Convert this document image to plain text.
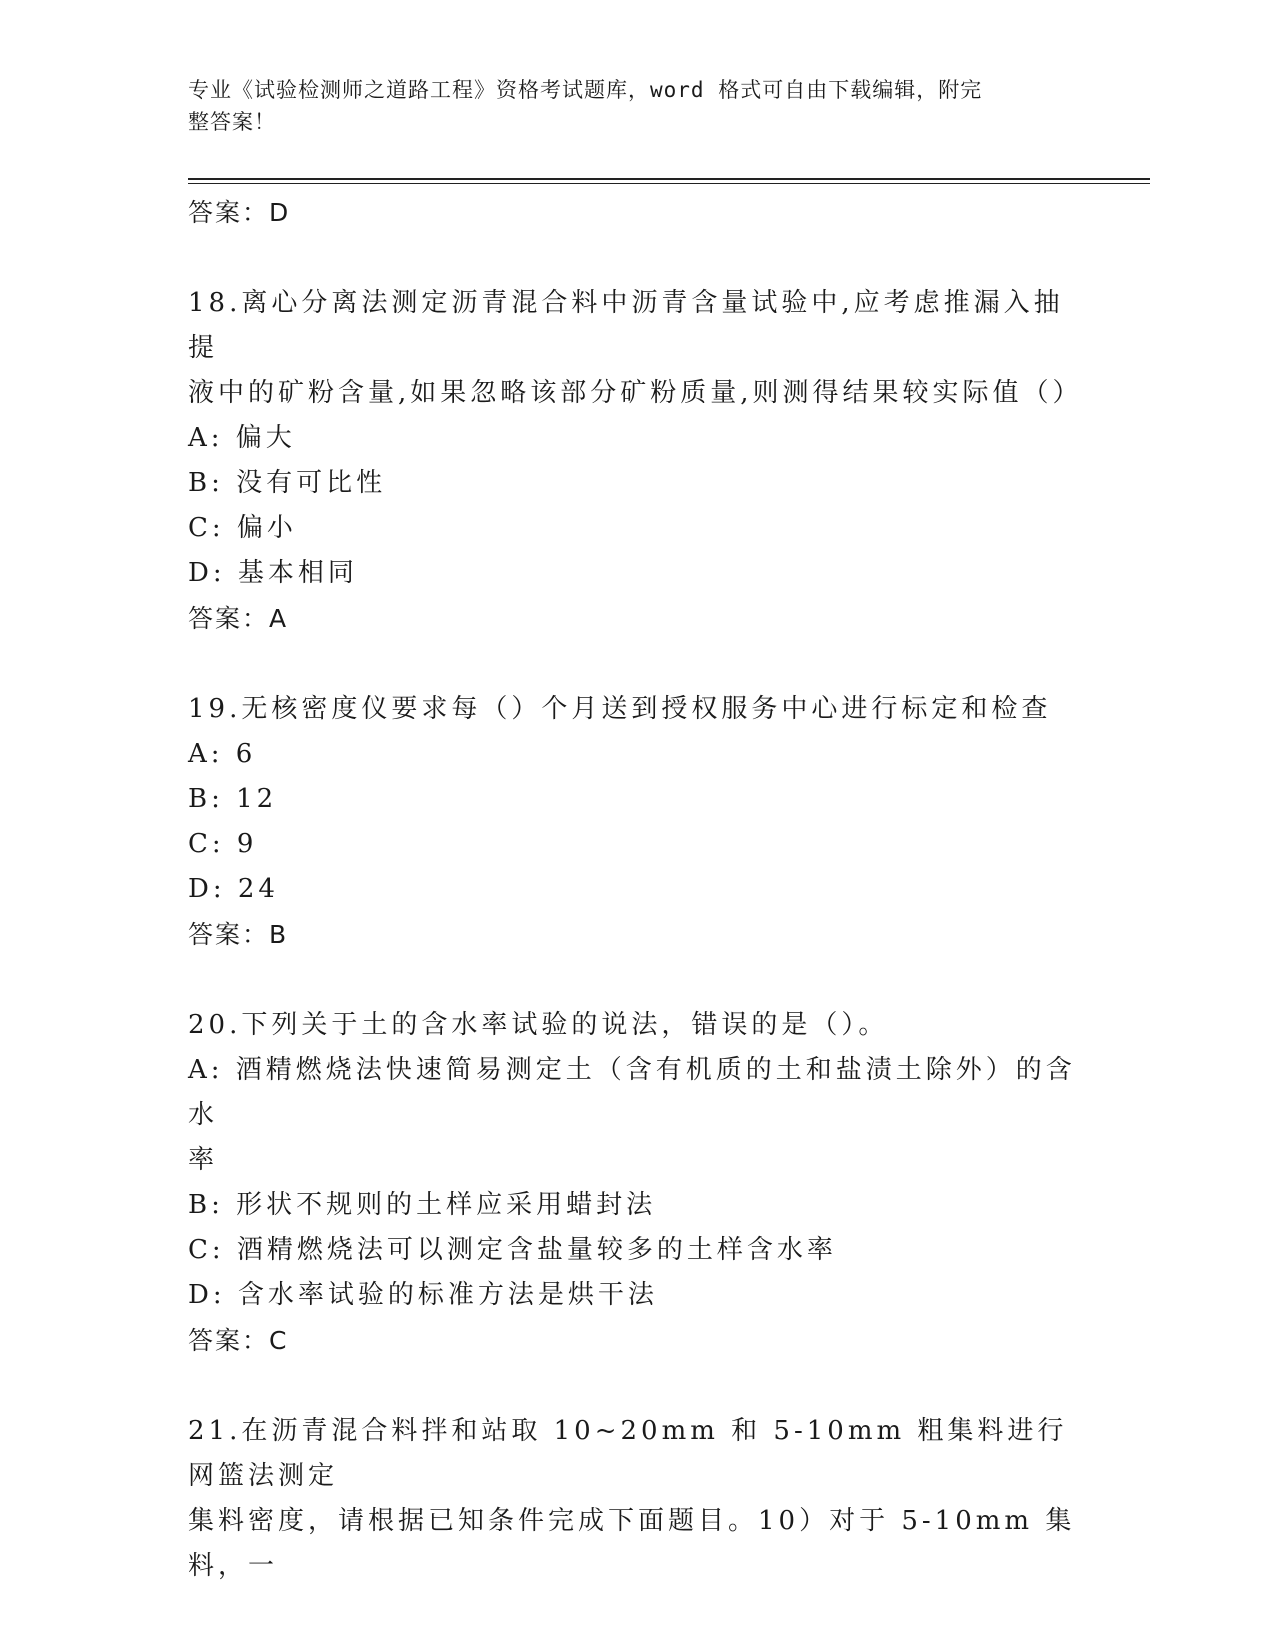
专业《试验检测师之道路工程》资格考试题库，word 格式可自由下载编辑，附完
整答案！

答案：D

18.离心分离法测定沥青混合料中沥青含量试验中,应考虑推漏入抽提

液中的矿粉含量,如果忽略该部分矿粉质量,则测得结果较实际值（）

A: 偏大

B: 没有可比性

C: 偏小

D: 基本相同

答案：A

19.无核密度仪要求每（）个月送到授权服务中心进行标定和检查

A: 6

B: 12

C: 9

D: 24

答案：B

20.下列关于土的含水率试验的说法，错误的是（）。

A: 酒精燃烧法快速简易测定土（含有机质的土和盐渍土除外）的含水

率

B: 形状不规则的土样应采用蜡封法

C: 酒精燃烧法可以测定含盐量较多的土样含水率

D: 含水率试验的标准方法是烘干法

答案：C

21.在沥青混合料拌和站取 10~20mm 和 5-10mm 粗集料进行网篮法测定

集料密度，请根据已知条件完成下面题目。10）对于 5-10mm 集料，一
